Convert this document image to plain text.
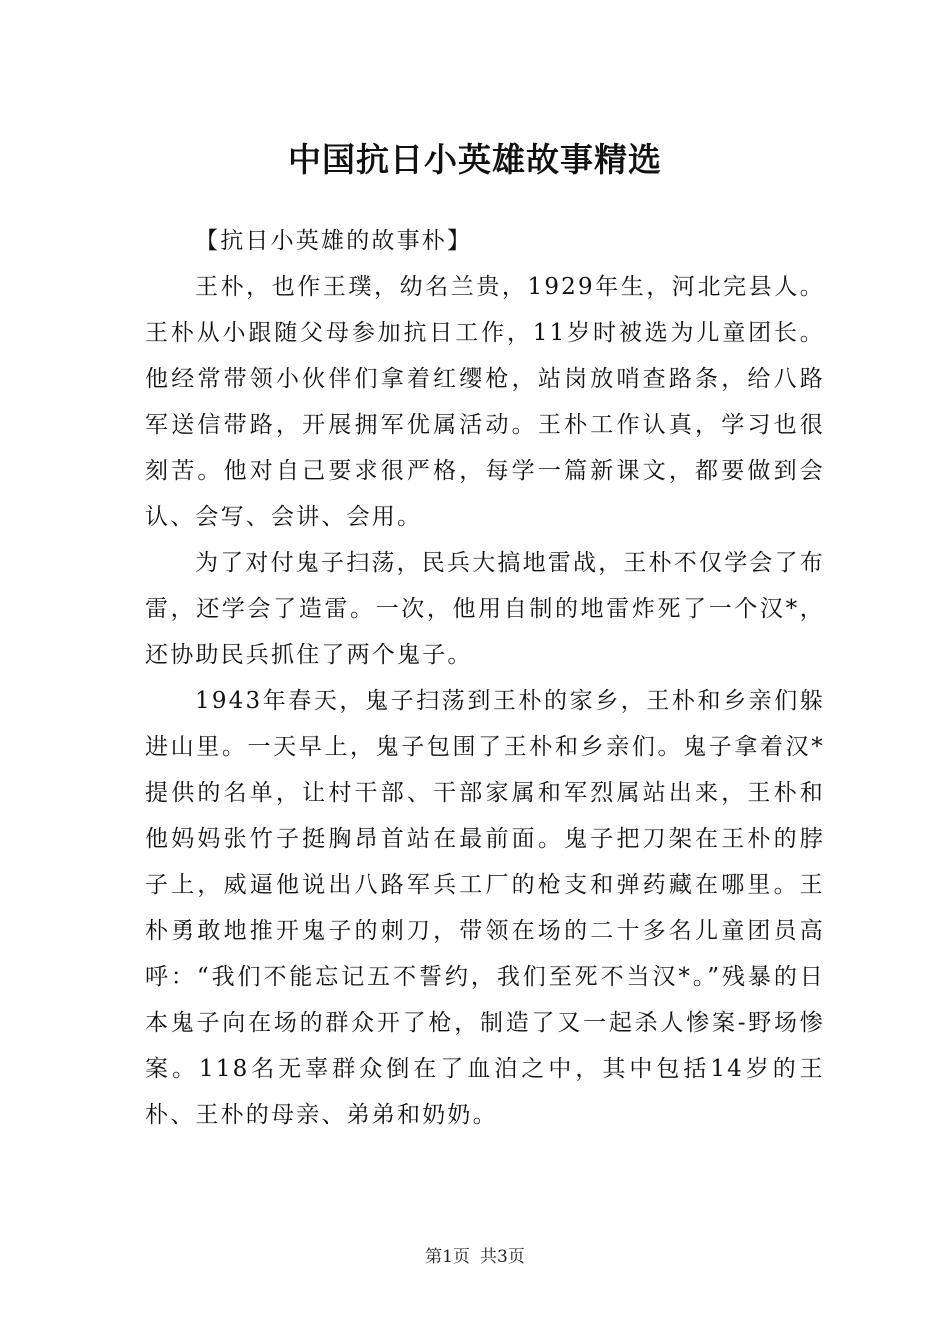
中国抗日小英雄故事精选

【抗日小英雄的故事朴】

王朴，也作王璞，幼名兰贵，1929年生，河北完县人。王朴从小跟随父母参加抗日工作，11岁时被选为儿童团长。他经常带领小伙伴们拿着红缨枪，站岗放哨查路条，给八路军送信带路，开展拥军优属活动。王朴工作认真，学习也很刻苦。他对自己要求很严格，每学一篇新课文，都要做到会认、会写、会讲、会用。

为了对付鬼子扫荡，民兵大搞地雷战，王朴不仅学会了布雷，还学会了造雷。一次，他用自制的地雷炸死了一个汉*，还协助民兵抓住了两个鬼子。

1943年春天，鬼子扫荡到王朴的家乡，王朴和乡亲们躲进山里。一天早上，鬼子包围了王朴和乡亲们。鬼子拿着汉*提供的名单，让村干部、干部家属和军烈属站出来，王朴和他妈妈张竹子挺胸昂首站在最前面。鬼子把刀架在王朴的脖子上，威逼他说出八路军兵工厂的枪支和弹药藏在哪里。王朴勇敢地推开鬼子的刺刀，带领在场的二十多名儿童团员高呼：“我们不能忘记五不誓约，我们至死不当汉*。”残暴的日本鬼子向在场的群众开了枪，制造了又一起杀人惨案-野场惨案。118名无辜群众倒在了血泊之中，其中包括14岁的王朴、王朴的母亲、弟弟和奶奶。

第1页 共3页
